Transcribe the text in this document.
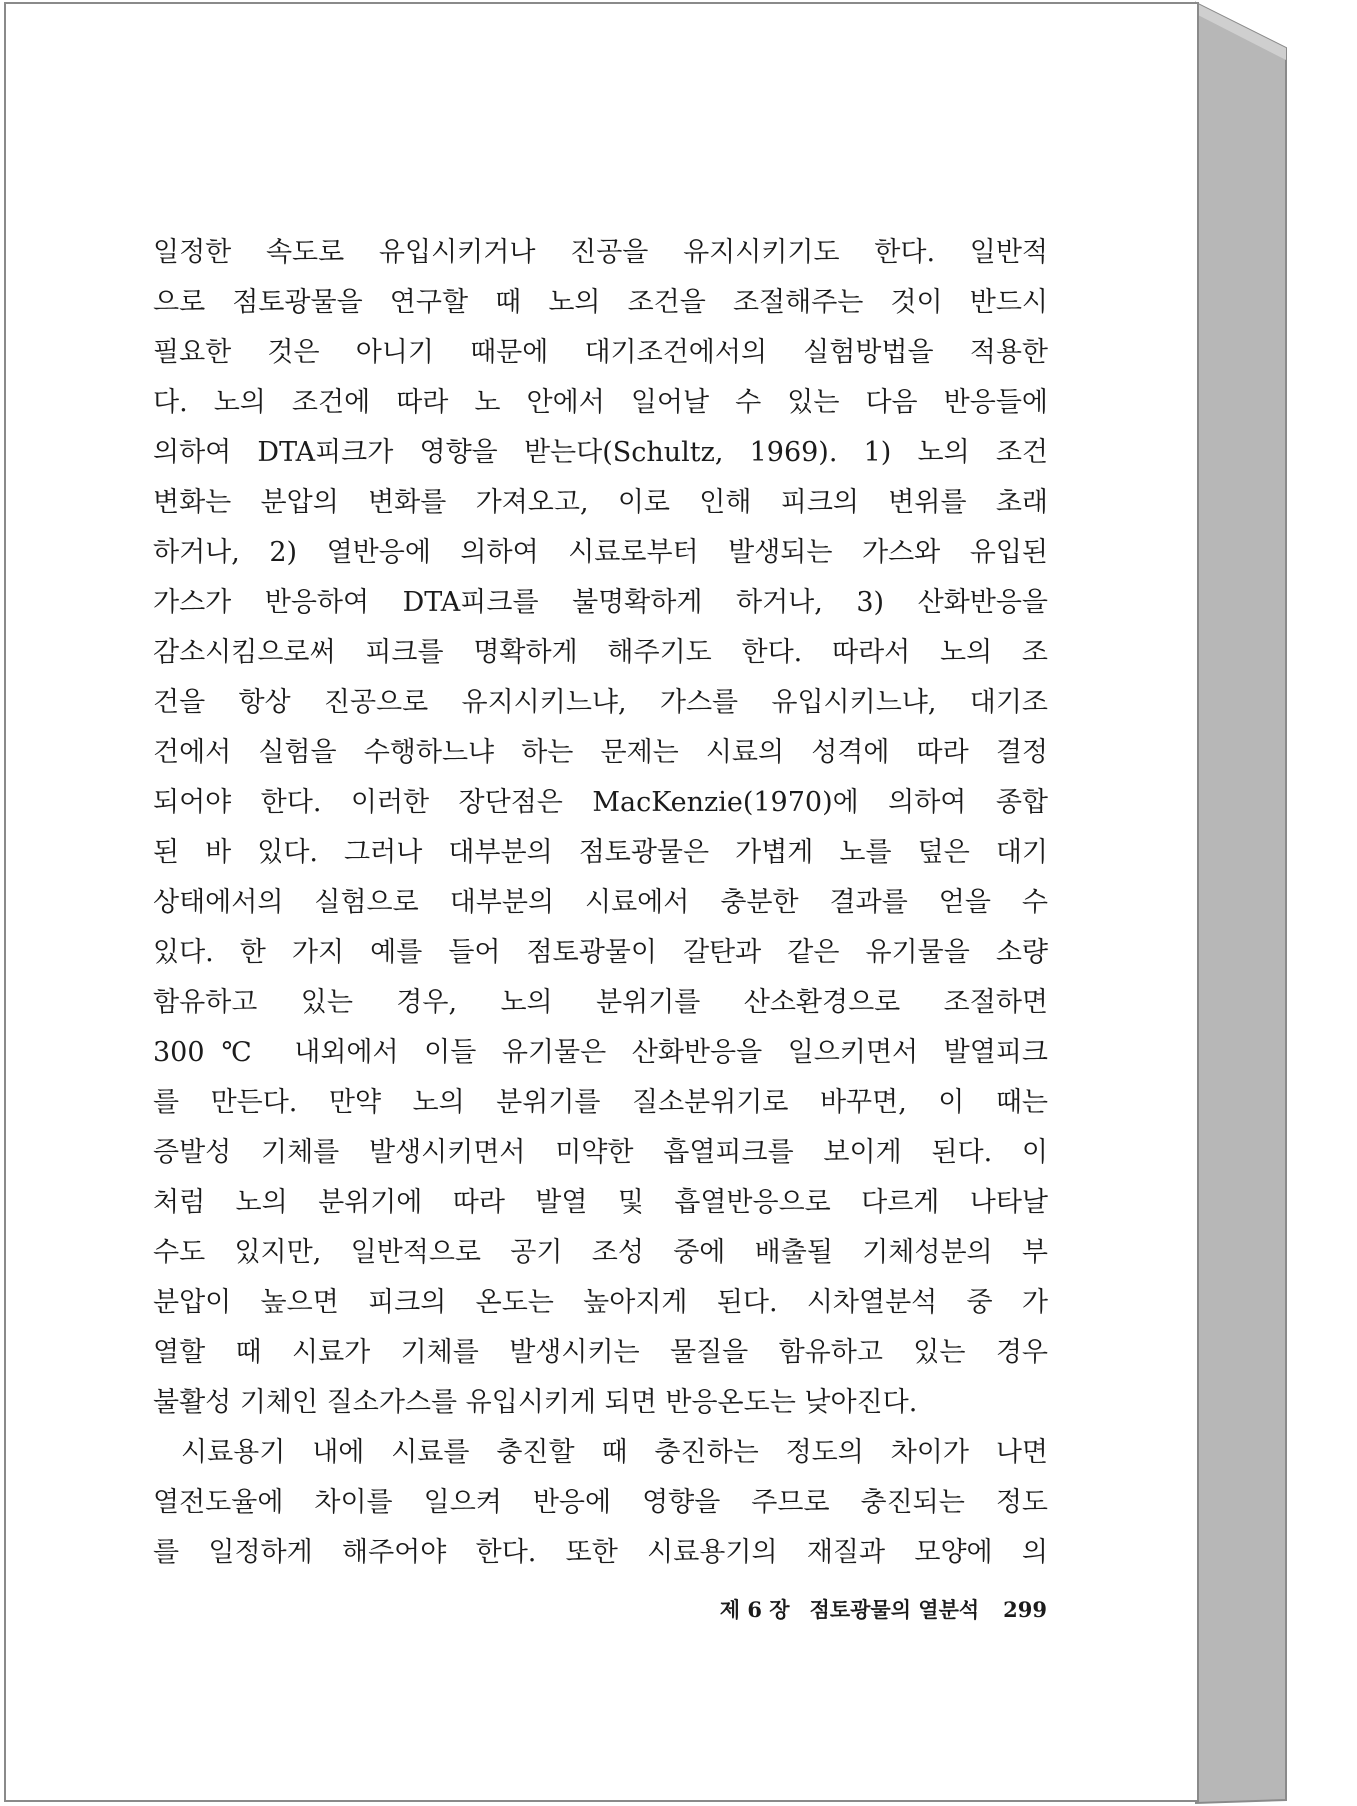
일정한 속도로 유입시키거나 진공을 유지시키기도 한다. 일반적
으로 점토광물을 연구할 때 노의 조건을 조절해주는 것이 반드시
필요한 것은 아니기 때문에 대기조건에서의 실험방법을 적용한
다. 노의 조건에 따라 노 안에서 일어날 수 있는 다음 반응들에
의하여 DTA피크가 영향을 받는다(Schultz, 1969). 1) 노의 조건
변화는 분압의 변화를 가져오고, 이로 인해 피크의 변위를 초래
하거나, 2) 열반응에 의하여 시료로부터 발생되는 가스와 유입된
가스가 반응하여 DTA피크를 불명확하게 하거나, 3) 산화반응을
감소시킴으로써 피크를 명확하게 해주기도 한다. 따라서 노의 조
건을 항상 진공으로 유지시키느냐, 가스를 유입시키느냐, 대기조
건에서 실험을 수행하느냐 하는 문제는 시료의 성격에 따라 결정
되어야 한다. 이러한 장단점은 MacKenzie(1970)에 의하여 종합
된 바 있다. 그러나 대부분의 점토광물은 가볍게 노를 덮은 대기
상태에서의 실험으로 대부분의 시료에서 충분한 결과를 얻을 수
있다. 한 가지 예를 들어 점토광물이 갈탄과 같은 유기물을 소량
함유하고 있는 경우, 노의 분위기를 산소환경으로 조절하면
300℃ 내외에서 이들 유기물은 산화반응을 일으키면서 발열피크
를 만든다. 만약 노의 분위기를 질소분위기로 바꾸면, 이 때는
증발성 기체를 발생시키면서 미약한 흡열피크를 보이게 된다. 이
처럼 노의 분위기에 따라 발열 및 흡열반응으로 다르게 나타날
수도 있지만, 일반적으로 공기 조성 중에 배출될 기체성분의 부
분압이 높으면 피크의 온도는 높아지게 된다. 시차열분석 중 가
열할 때 시료가 기체를 발생시키는 물질을 함유하고 있는 경우
불활성 기체인 질소가스를 유입시키게 되면 반응온도는 낮아진다.
시료용기 내에 시료를 충진할 때 충진하는 정도의 차이가 나면
열전도율에 차이를 일으켜 반응에 영향을 주므로 충진되는 정도
를 일정하게 해주어야 한다. 또한 시료용기의 재질과 모양에 의
제 6 장 점토광물의 열분석 299
